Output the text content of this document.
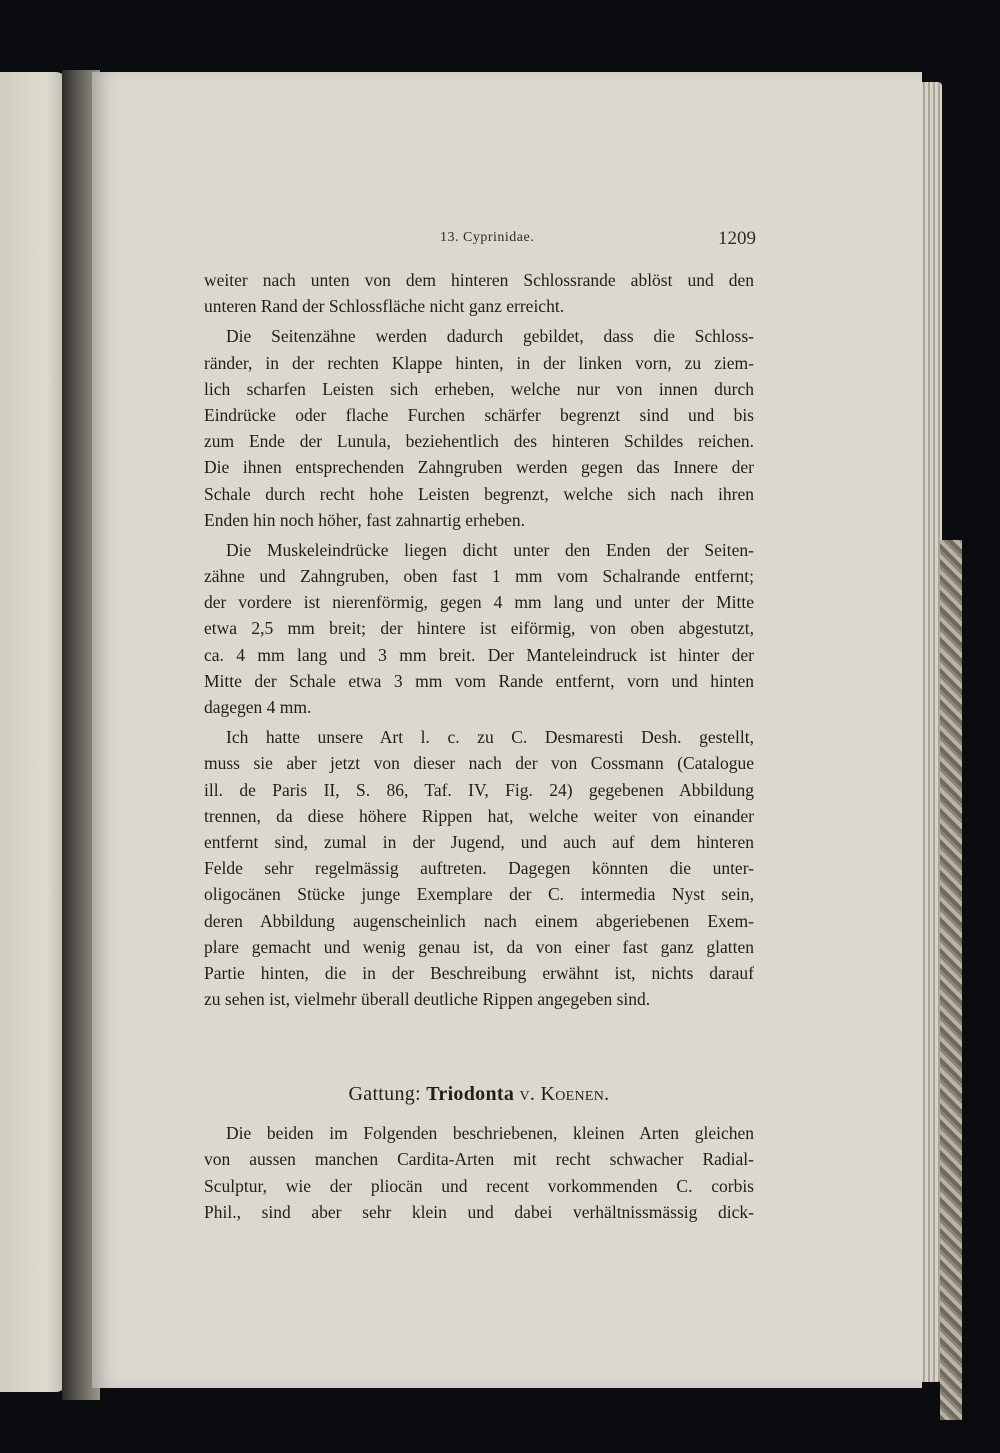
13. Cyprinidae.	1209
weiter nach unten von dem hinteren Schlossrande ablöst und den
unteren Rand der Schlossfläche nicht ganz erreicht.
Die Seitenzähne werden dadurch gebildet, dass die Schloss-
ränder, in der rechten Klappe hinten, in der linken vorn, zu ziem-
lich scharfen Leisten sich erheben, welche nur von innen durch
Eindrücke oder flache Furchen schärfer begrenzt sind und bis
zum Ende der Lunula, beziehentlich des hinteren Schildes reichen.
Die ihnen entsprechenden Zahngruben werden gegen das Innere der
Schale durch recht hohe Leisten begrenzt, welche sich nach ihren
Enden hin noch höher, fast zahnartig erheben.
Die Muskeleindrücke liegen dicht unter den Enden der Seiten-
zähne und Zahngruben, oben fast 1 mm vom Schalrande entfernt;
der vordere ist nierenförmig, gegen 4 mm lang und unter der Mitte
etwa 2,5 mm breit; der hintere ist eiförmig, von oben abgestutzt,
ca. 4 mm lang und 3 mm breit. Der Manteleindruck ist hinter der
Mitte der Schale etwa 3 mm vom Rande entfernt, vorn und hinten
dagegen 4 mm.
Ich hatte unsere Art l. c. zu C. Desmaresti Desh. gestellt,
muss sie aber jetzt von dieser nach der von Cossmann (Catalogue
ill. de Paris II, S. 86, Taf. IV, Fig. 24) gegebenen Abbildung
trennen, da diese höhere Rippen hat, welche weiter von einander
entfernt sind, zumal in der Jugend, und auch auf dem hinteren
Felde sehr regelmässig auftreten. Dagegen könnten die unter-
oligocänen Stücke junge Exemplare der C. intermedia Nyst sein,
deren Abbildung augenscheinlich nach einem abgeriebenen Exem-
plare gemacht und wenig genau ist, da von einer fast ganz glatten
Partie hinten, die in der Beschreibung erwähnt ist, nichts darauf
zu sehen ist, vielmehr überall deutliche Rippen angegeben sind.
Gattung: Triodonta v. Koenen.
Die beiden im Folgenden beschriebenen, kleinen Arten gleichen
von aussen manchen Cardita-Arten mit recht schwacher Radial-
Sculptur, wie der pliocän und recent vorkommenden C. corbis
Phil., sind aber sehr klein und dabei verhältnissmässig dick-
